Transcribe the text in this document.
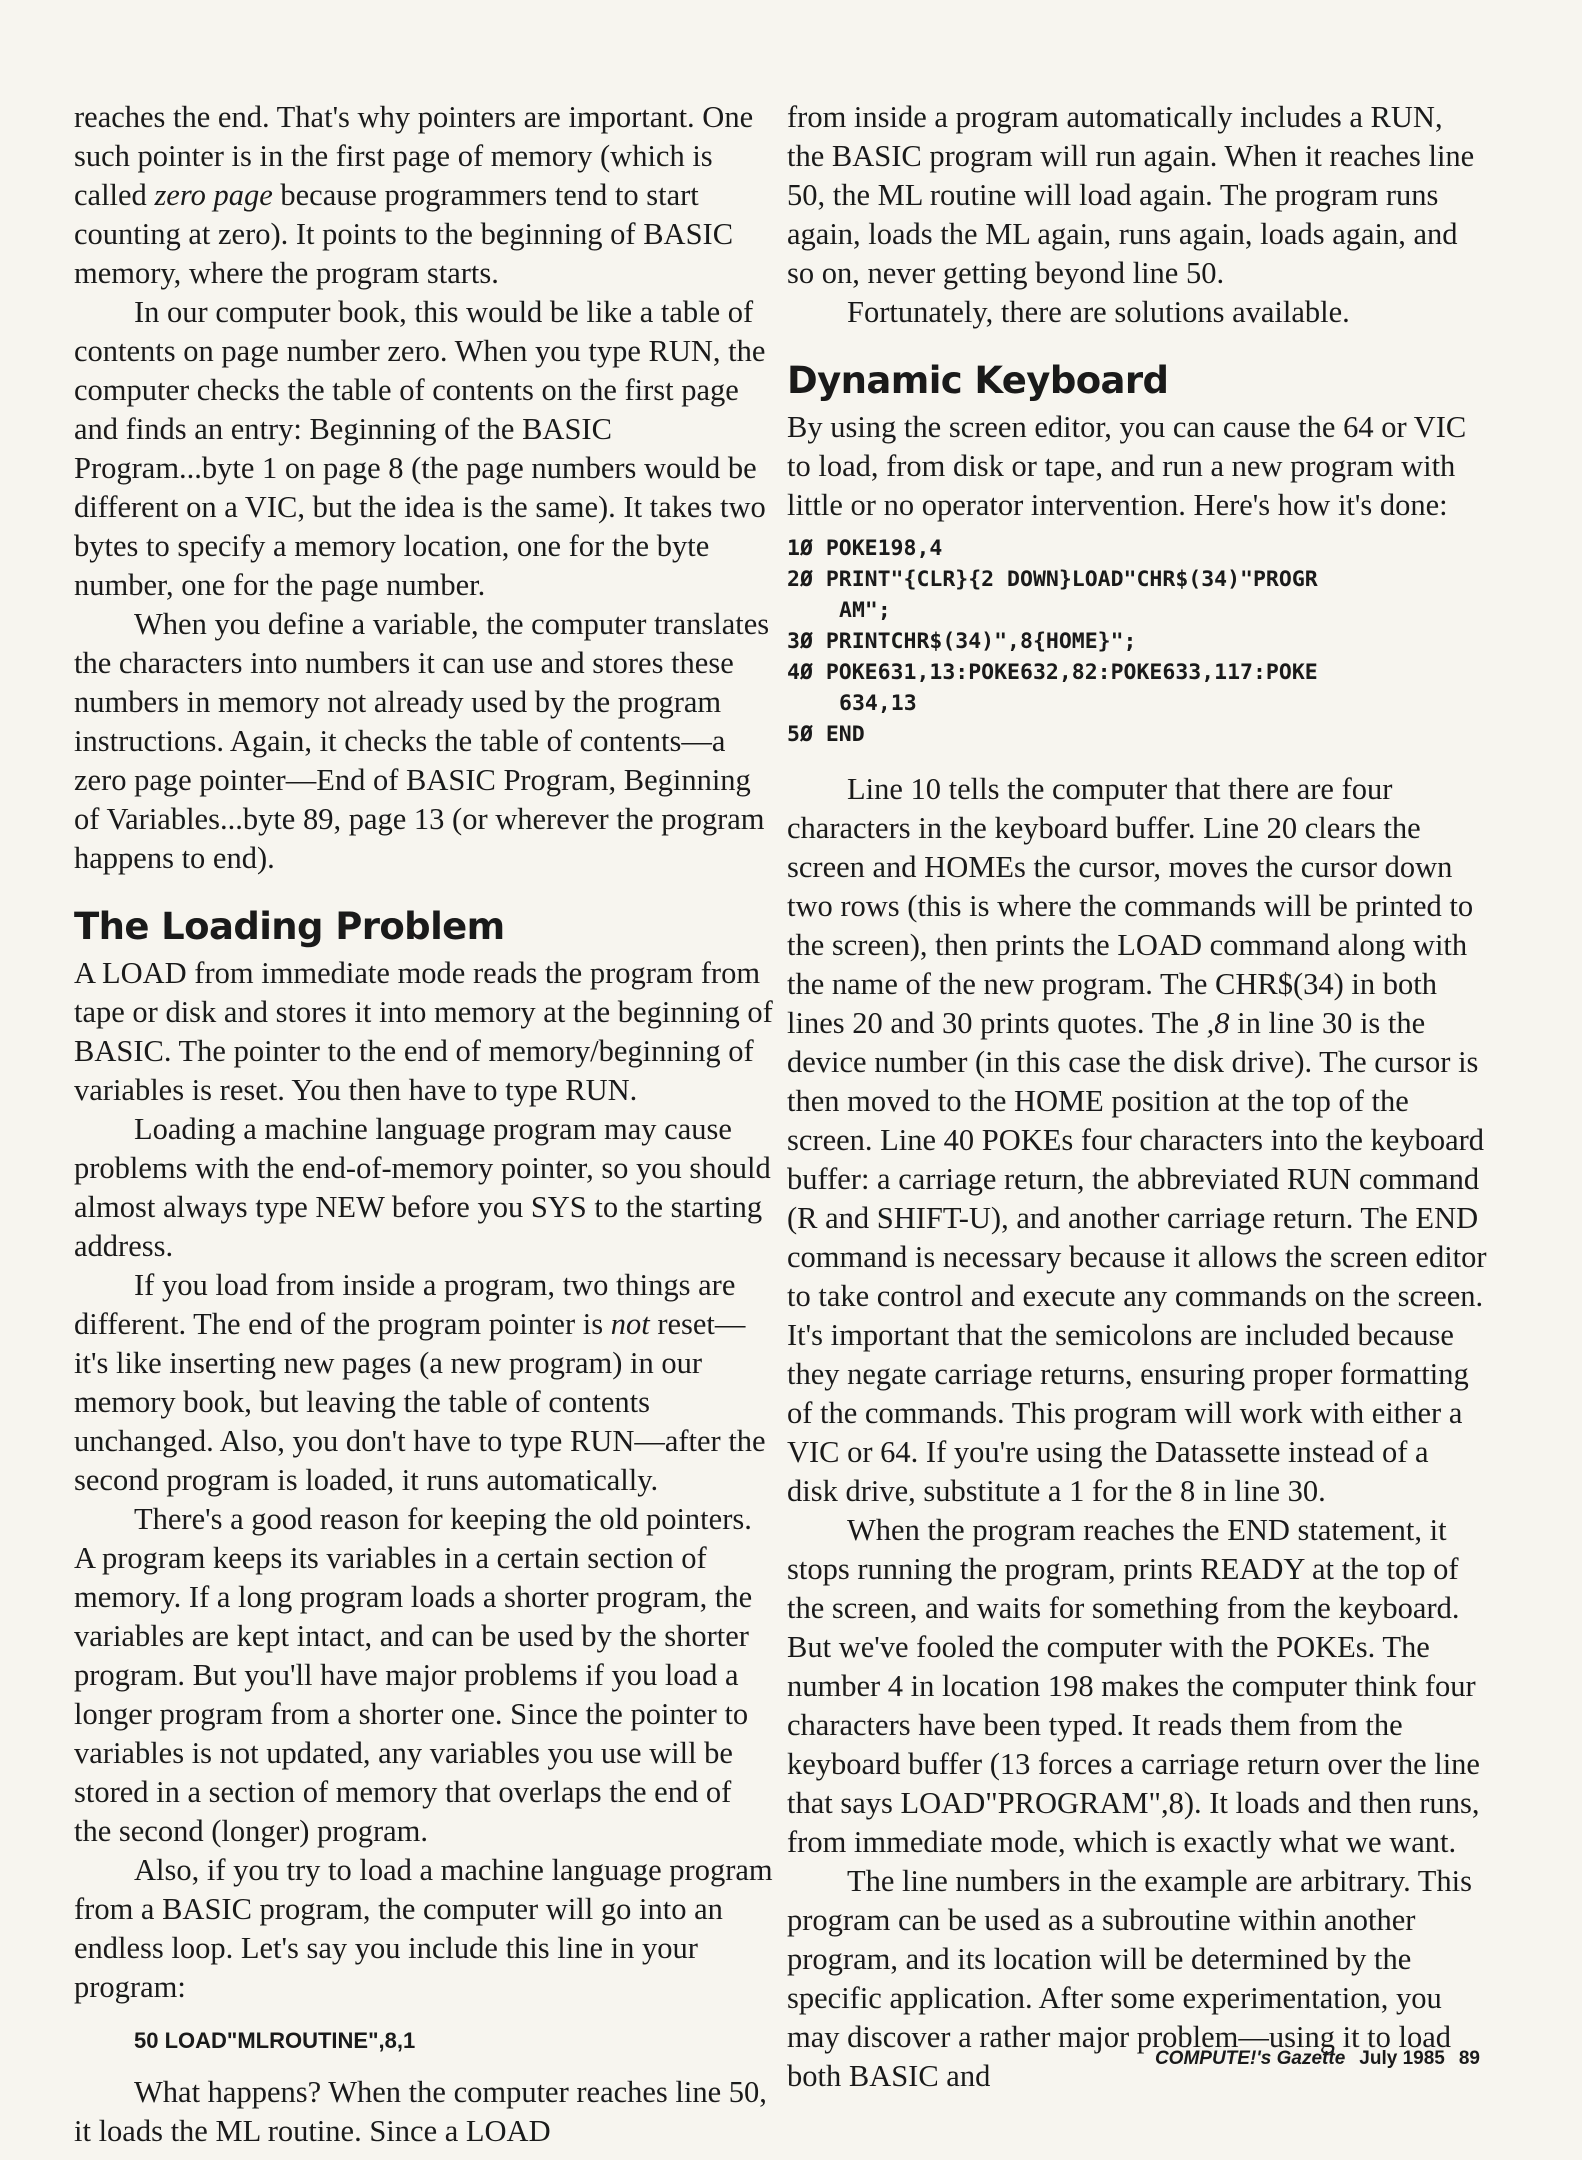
reaches the end. That's why pointers are important. One such pointer is in the first page of memory (which is called zero page because programmers tend to start counting at zero). It points to the beginning of BASIC memory, where the program starts.

In our computer book, this would be like a table of contents on page number zero. When you type RUN, the computer checks the table of contents on the first page and finds an entry: Beginning of the BASIC Program...byte 1 on page 8 (the page numbers would be different on a VIC, but the idea is the same). It takes two bytes to specify a memory location, one for the byte number, one for the page number.

When you define a variable, the computer translates the characters into numbers it can use and stores these numbers in memory not already used by the program instructions. Again, it checks the table of contents—a zero page pointer—End of BASIC Program, Beginning of Variables...byte 89, page 13 (or wherever the program happens to end).

The Loading Problem

A LOAD from immediate mode reads the program from tape or disk and stores it into memory at the beginning of BASIC. The pointer to the end of memory/beginning of variables is reset. You then have to type RUN.

Loading a machine language program may cause problems with the end-of-memory pointer, so you should almost always type NEW before you SYS to the starting address.

If you load from inside a program, two things are different. The end of the program pointer is not reset—it's like inserting new pages (a new program) in our memory book, but leaving the table of contents unchanged. Also, you don't have to type RUN—after the second program is loaded, it runs automatically.

There's a good reason for keeping the old pointers. A program keeps its variables in a certain section of memory. If a long program loads a shorter program, the variables are kept intact, and can be used by the shorter program. But you'll have major problems if you load a longer program from a shorter one. Since the pointer to variables is not updated, any variables you use will be stored in a section of memory that overlaps the end of the second (longer) program.

Also, if you try to load a machine language program from a BASIC program, the computer will go into an endless loop. Let's say you include this line in your program:

50 LOAD"MLROUTINE",8,1

What happens? When the computer reaches line 50, it loads the ML routine. Since a LOAD

from inside a program automatically includes a RUN, the BASIC program will run again. When it reaches line 50, the ML routine will load again. The program runs again, loads the ML again, runs again, loads again, and so on, never getting beyond line 50.

Fortunately, there are solutions available.

Dynamic Keyboard

By using the screen editor, you can cause the 64 or VIC to load, from disk or tape, and run a new program with little or no operator intervention. Here's how it's done:

1Ø POKE198,4
2Ø PRINT"{CLR}{2 DOWN}LOAD"CHR$(34)"PROGR
AM";
3Ø PRINTCHR$(34)",8{HOME}";
4Ø POKE631,13:POKE632,82:POKE633,117:POKE
634,13
5Ø END

Line 10 tells the computer that there are four characters in the keyboard buffer. Line 20 clears the screen and HOMEs the cursor, moves the cursor down two rows (this is where the commands will be printed to the screen), then prints the LOAD command along with the name of the new program. The CHR$(34) in both lines 20 and 30 prints quotes. The ,8 in line 30 is the device number (in this case the disk drive). The cursor is then moved to the HOME position at the top of the screen. Line 40 POKEs four characters into the keyboard buffer: a carriage return, the abbreviated RUN command (R and SHIFT-U), and another carriage return. The END command is necessary because it allows the screen editor to take control and execute any commands on the screen. It's important that the semicolons are included because they negate carriage returns, ensuring proper formatting of the commands. This program will work with either a VIC or 64. If you're using the Datassette instead of a disk drive, substitute a 1 for the 8 in line 30.

When the program reaches the END statement, it stops running the program, prints READY at the top of the screen, and waits for something from the keyboard. But we've fooled the computer with the POKEs. The number 4 in location 198 makes the computer think four characters have been typed. It reads them from the keyboard buffer (13 forces a carriage return over the line that says LOAD"PROGRAM",8). It loads and then runs, from immediate mode, which is exactly what we want.

The line numbers in the example are arbitrary. This program can be used as a subroutine within another program, and its location will be determined by the specific application. After some experimentation, you may discover a rather major problem—using it to load both BASIC and

COMPUTE!'s Gazette July 1985 89
